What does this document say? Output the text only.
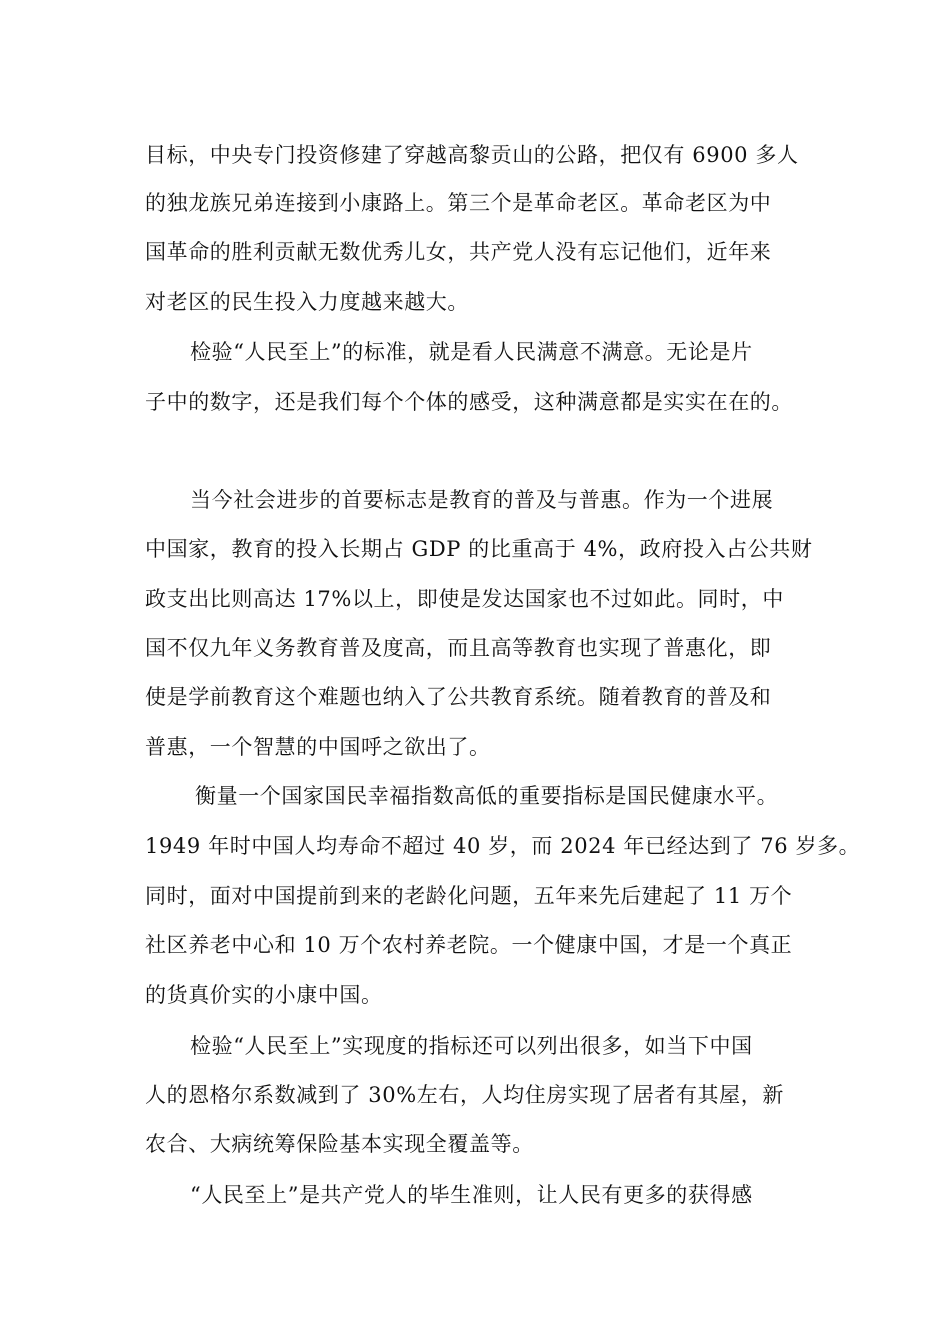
目标，中央专门投资修建了穿越高黎贡山的公路，把仅有 6900 多人

的独龙族兄弟连接到小康路上。第三个是革命老区。革命老区为中

国革命的胜利贡献无数优秀儿女，共产党人没有忘记他们，近年来

对老区的民生投入力度越来越大。

检验“人民至上”的标准，就是看人民满意不满意。无论是片

子中的数字，还是我们每个个体的感受，这种满意都是实实在在的。

当今社会进步的首要标志是教育的普及与普惠。作为一个进展

中国家，教育的投入长期占 GDP 的比重高于 4%，政府投入占公共财

政支出比则高达 17%以上，即使是发达国家也不过如此。同时，中

国不仅九年义务教育普及度高，而且高等教育也实现了普惠化，即

使是学前教育这个难题也纳入了公共教育系统。随着教育的普及和

普惠，一个智慧的中国呼之欲出了。

衡量一个国家国民幸福指数高低的重要指标是国民健康水平。

1949 年时中国人均寿命不超过 40 岁，而 2024 年已经达到了 76 岁多。

同时，面对中国提前到来的老龄化问题，五年来先后建起了 11 万个

社区养老中心和 10 万个农村养老院。一个健康中国，才是一个真正

的货真价实的小康中国。

检验“人民至上”实现度的指标还可以列出很多，如当下中国

人的恩格尔系数减到了 30%左右，人均住房实现了居者有其屋，新

农合、大病统筹保险基本实现全覆盖等。

“人民至上”是共产党人的毕生准则，让人民有更多的获得感
